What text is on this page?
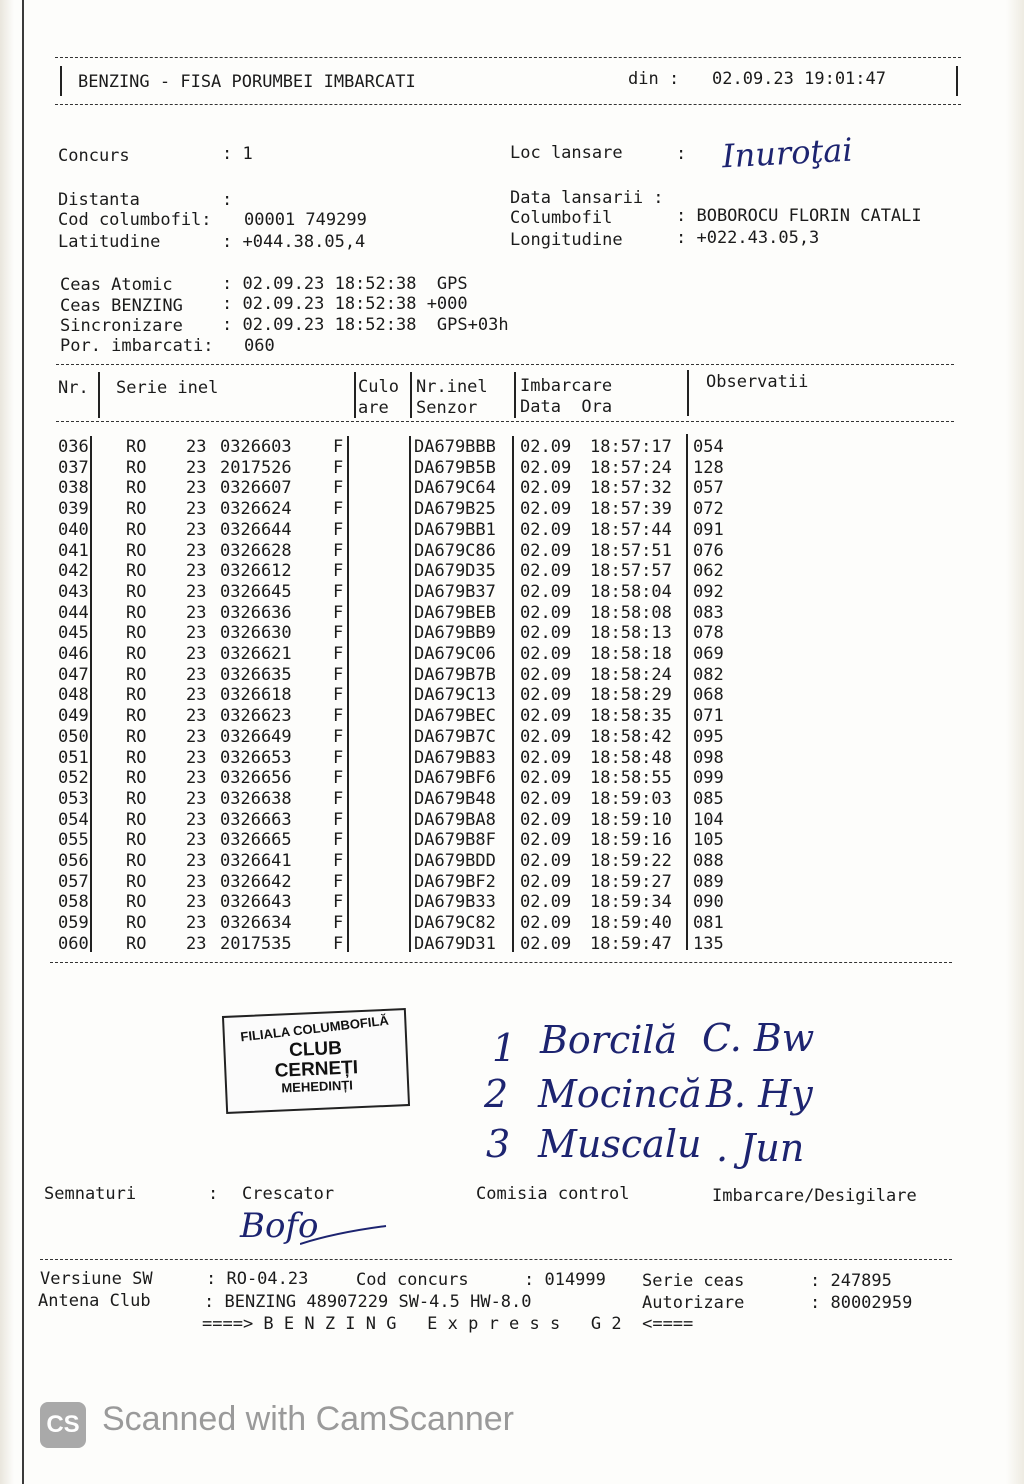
BENZING - FISA PORUMBEI IMBARCATI	din : 02.09.23 19:01:47
Concurs	: 1	Loc lansare	: Inuroţai
Distanta	:	Data lansarii :
Cod columbofil: 00001 749299	Columbofil	: BOBOROCU FLORIN CATALI
Latitudine	: +044.38.05,4	Longitudine	: +022.43.05,3
Ceas Atomic	: 02.09.23 18:52:38  GPS
Ceas BENZING : 02.09.23 18:52:38 +000
Sincronizare : 02.09.23 18:52:38  GPS+03h
Por. imbarcati: 060
Nr. Serie inel	Culo
are
Nr.inel
Senzor
Imbarcare
Data  Ora
Observatii
036 RO 23 0326603 F	DA679BBB 02.09 18:57:17 054
037 RO 23 2017526 F	DA679B5B 02.09 18:57:24 128
038 RO 23 0326607 F	DA679C64 02.09 18:57:32 057
039 RO 23 0326624 F	DA679B25 02.09 18:57:39 072
040 RO 23 0326644 F	DA679BB1 02.09 18:57:44 091
041 RO 23 0326628 F	DA679C86 02.09 18:57:51 076
042 RO 23 0326612 F	DA679D35 02.09 18:57:57 062
043 RO 23 0326645 F	DA679B37 02.09 18:58:04 092
044 RO 23 0326636 F	DA679BEB 02.09 18:58:08 083
045 RO 23 0326630 F	DA679BB9 02.09 18:58:13 078
046 RO 23 0326621 F	DA679C06 02.09 18:58:18 069
047 RO 23 0326635 F	DA679B7B 02.09 18:58:24 082
048 RO 23 0326618 F	DA679C13 02.09 18:58:29 068
049 RO 23 0326623 F	DA679BEC 02.09 18:58:35 071
050 RO 23 0326649 F	DA679B7C 02.09 18:58:42 095
051 RO 23 0326653 F	DA679B83 02.09 18:58:48 098
052 RO 23 0326656 F	DA679BF6 02.09 18:58:55 099
053 RO 23 0326638 F	DA679B48 02.09 18:59:03 085
054 RO 23 0326663 F	DA679BA8 02.09 18:59:10 104
055 RO 23 0326665 F	DA679B8F 02.09 18:59:16 105
056 RO 23 0326641 F	DA679BDD 02.09 18:59:22 088
057 RO 23 0326642 F	DA679BF2 02.09 18:59:27 089
058 RO 23 0326643 F	DA679B33 02.09 18:59:34 090
059 RO 23 0326634 F	DA679C82 02.09 18:59:40 081
060 RO 23 2017535 F	DA679D31 02.09 18:59:47 135
FILIALA COLUMBOFILĂ
CLUB
CERNEȚI
MEHEDINȚI
1 Borcilă C. Bw
2 Mocincă B. Hy
3 Muscalu . Jun
Semnaturi	: Crescator	Comisia control	Imbarcare/Desigilare
Bofo
Versiune SW	: RO-04.23	Cod concurs	: 014999 Serie ceas	: 247895
Antena Club	: BENZING 48907229 SW-4.5 HW-8.0	Autorizare	: 80002959
====> B E N Z I N G   E x p r e s s   G 2  <====
CS Scanned with CamScanner
